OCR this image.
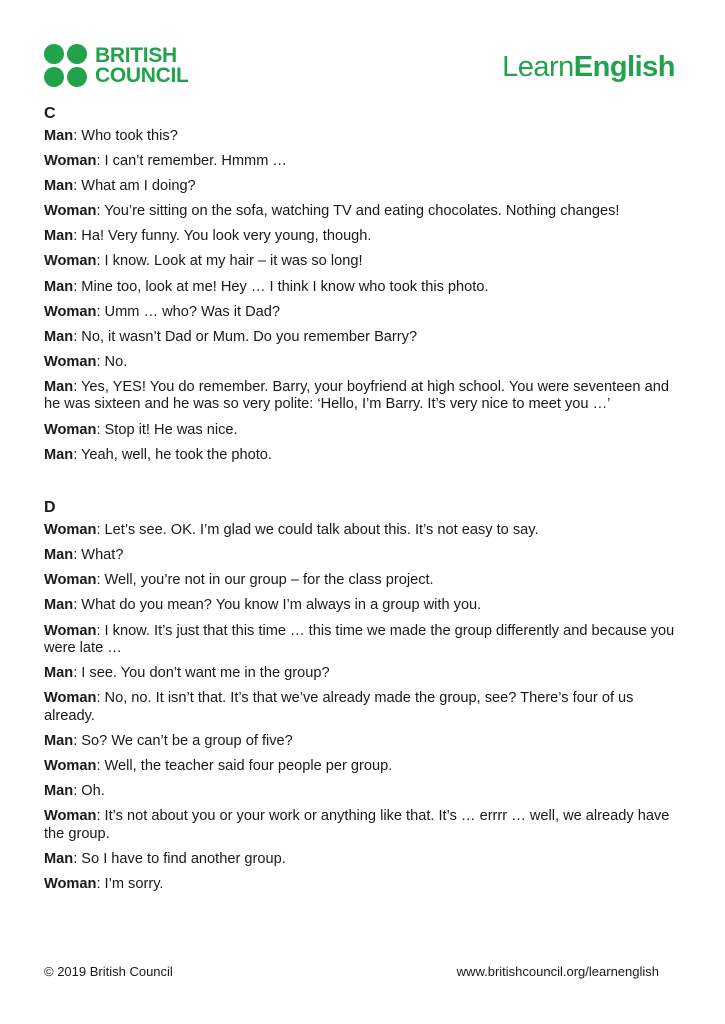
BRITISH
COUNCIL	LearnEnglish
C
Man: Who took this?
Woman: I can’t remember. Hmmm …
Man: What am I doing?
Woman: You’re sitting on the sofa, watching TV and eating chocolates. Nothing changes!
Man: Ha! Very funny. You look very young, though.
Woman: I know. Look at my hair – it was so long!
Man: Mine too, look at me! Hey … I think I know who took this photo.
Woman: Umm … who? Was it Dad?
Man: No, it wasn’t Dad or Mum. Do you remember Barry?
Woman: No.
Man: Yes, YES! You do remember. Barry, your boyfriend at high school. You were seventeen and he was sixteen and he was so very polite: ‘Hello, I’m Barry. It’s very nice to meet you …’
Woman: Stop it! He was nice.
Man: Yeah, well, he took the photo.
D
Woman: Let’s see. OK. I’m glad we could talk about this. It’s not easy to say.
Man: What?
Woman: Well, you’re not in our group – for the class project.
Man: What do you mean? You know I’m always in a group with you.
Woman: I know. It’s just that this time … this time we made the group differently and because you were late …
Man: I see. You don’t want me in the group?
Woman: No, no. It isn’t that. It’s that we’ve already made the group, see? There’s four of us already.
Man: So? We can’t be a group of five?
Woman: Well, the teacher said four people per group.
Man: Oh.
Woman: It’s not about you or your work or anything like that. It’s … errrr … well, we already have the group.
Man: So I have to find another group.
Woman: I’m sorry.
© 2019 British Council	www.britishcouncil.org/learnenglish
